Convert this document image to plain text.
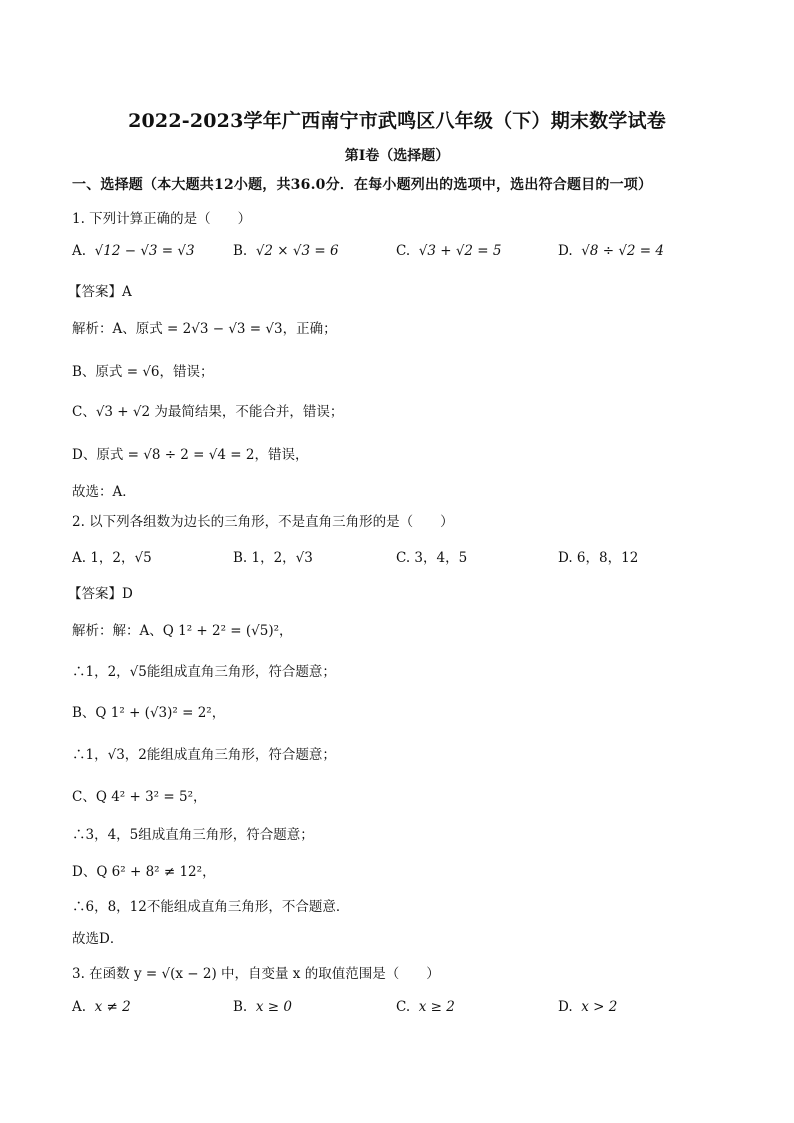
2022-2023学年广西南宁市武鸣区八年级（下）期末数学试卷
第I卷（选择题）
一、选择题（本大题共12小题，共36.0分．在每小题列出的选项中，选出符合题目的一项）
1. 下列计算正确的是（　　）
A. √12 − √3 = √3	B. √2 × √3 = 6	C. √3 + √2 = 5	D. √8 ÷ √2 = 4
【答案】A
解析：A、原式 = 2√3 − √3 = √3，正确；
B、原式 = √6，错误；
C、√3 + √2 为最简结果，不能合并，错误；
D、原式 = √8 ÷ 2 = √4 = 2，错误，
故选：A．
2. 以下列各组数为边长的三角形，不是直角三角形的是（　　）
A. 1，2，√5	B. 1，2，√3	C. 3，4，5	D. 6，8，12
【答案】D
解析：解：A、Q 1² + 2² = (√5)²，
∴1，2，√5能组成直角三角形，符合题意；
B、Q 1² + (√3)² = 2²，
∴1，√3，2能组成直角三角形，符合题意；
C、Q 4² + 3² = 5²，
∴3，4，5组成直角三角形，符合题意；
D、Q 6² + 8² ≠ 12²，
∴6，8，12不能组成直角三角形，不合题意．
故选D．
3. 在函数 y = √(x − 2) 中，自变量 x 的取值范围是（　　）
A. x ≠ 2	B. x ≥ 0	C. x ≥ 2	D. x > 2
